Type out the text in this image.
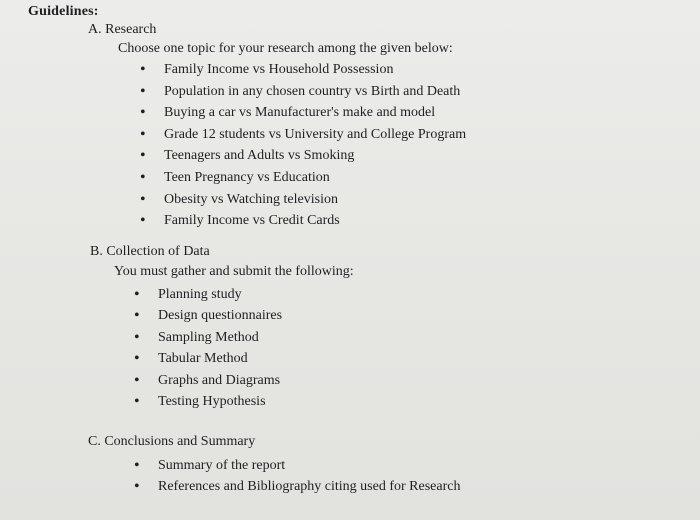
Guidelines:
A. Research
Choose one topic for your research among the given below:
• Family Income vs Household Possession
• Population in any chosen country vs Birth and Death
• Buying a car vs Manufacturer's make and model
• Grade 12 students vs University and College Program
• Teenagers and Adults vs Smoking
• Teen Pregnancy vs Education
• Obesity vs Watching television
• Family Income vs Credit Cards
B. Collection of Data
You must gather and submit the following:
• Planning study
• Design questionnaires
• Sampling Method
• Tabular Method
• Graphs and Diagrams
• Testing Hypothesis
C. Conclusions and Summary
• Summary of the report
• References and Bibliography citing used for Research
